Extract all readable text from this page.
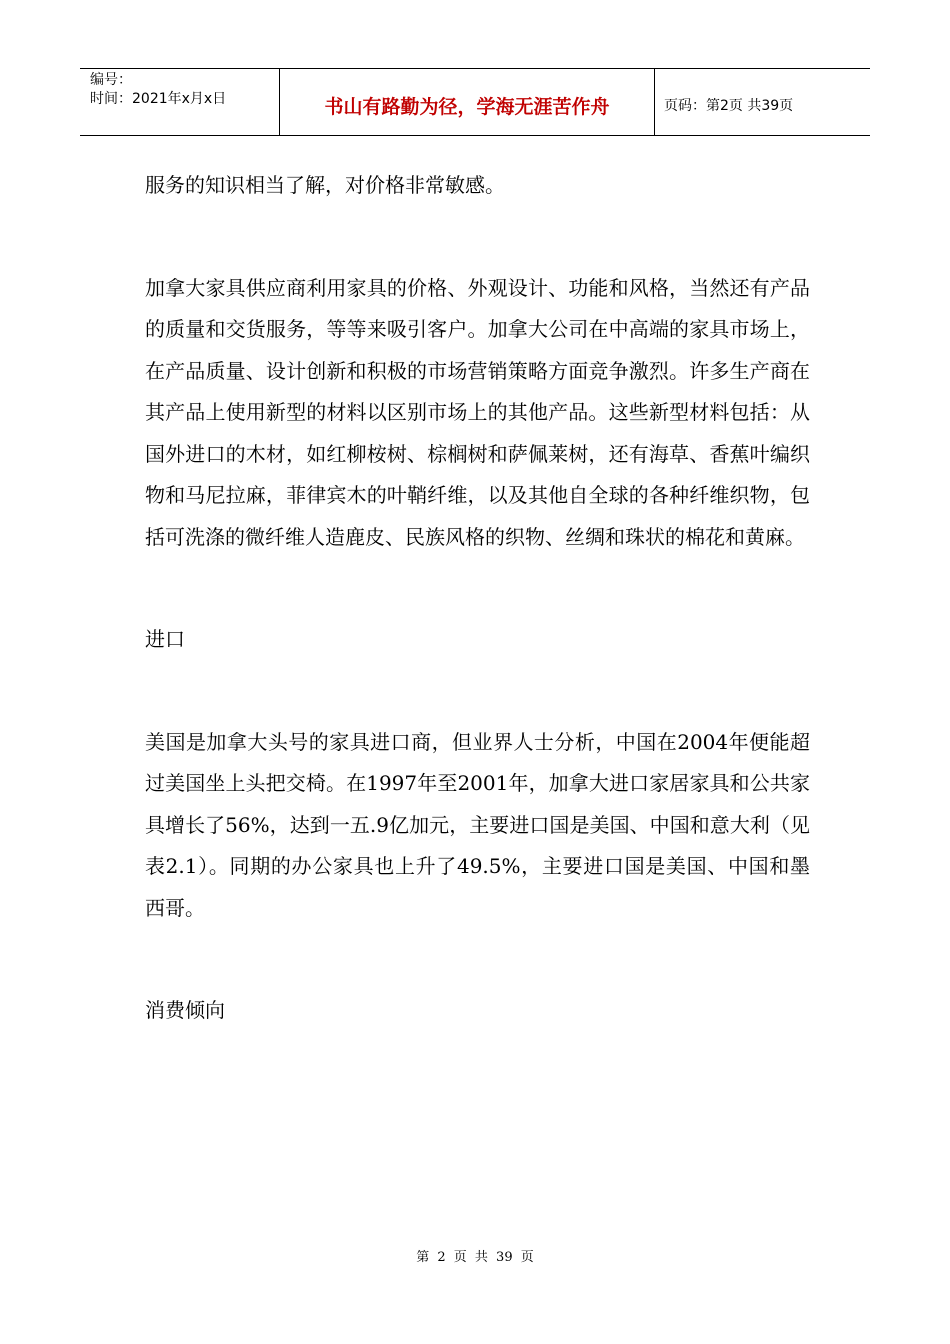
编号：
时间：2021年x月x日	书山有路勤为径，学海无涯苦作舟	页码：第2页 共39页

服务的知识相当了解，对价格非常敏感。

加拿大家具供应商利用家具的价格、外观设计、功能和风格，当然还有产品的质量和交货服务，等等来吸引客户。加拿大公司在中高端的家具市场上，在产品质量、设计创新和积极的市场营销策略方面竞争激烈。许多生产商在其产品上使用新型的材料以区别市场上的其他产品。这些新型材料包括：从国外进口的木材，如红柳桉树、棕榈树和萨佩莱树，还有海草、香蕉叶编织物和马尼拉麻，菲律宾木的叶鞘纤维，以及其他自全球的各种纤维织物，包括可洗涤的微纤维人造鹿皮、民族风格的织物、丝绸和珠状的棉花和黄麻。

进口

美国是加拿大头号的家具进口商，但业界人士分析，中国在2004年便能超过美国坐上头把交椅。在1997年至2001年，加拿大进口家居家具和公共家具增长了56%，达到一五.9亿加元，主要进口国是美国、中国和意大利（见表2.1）。同期的办公家具也上升了49.5%，主要进口国是美国、中国和墨西哥。

消费倾向

第 2 页 共 39 页
